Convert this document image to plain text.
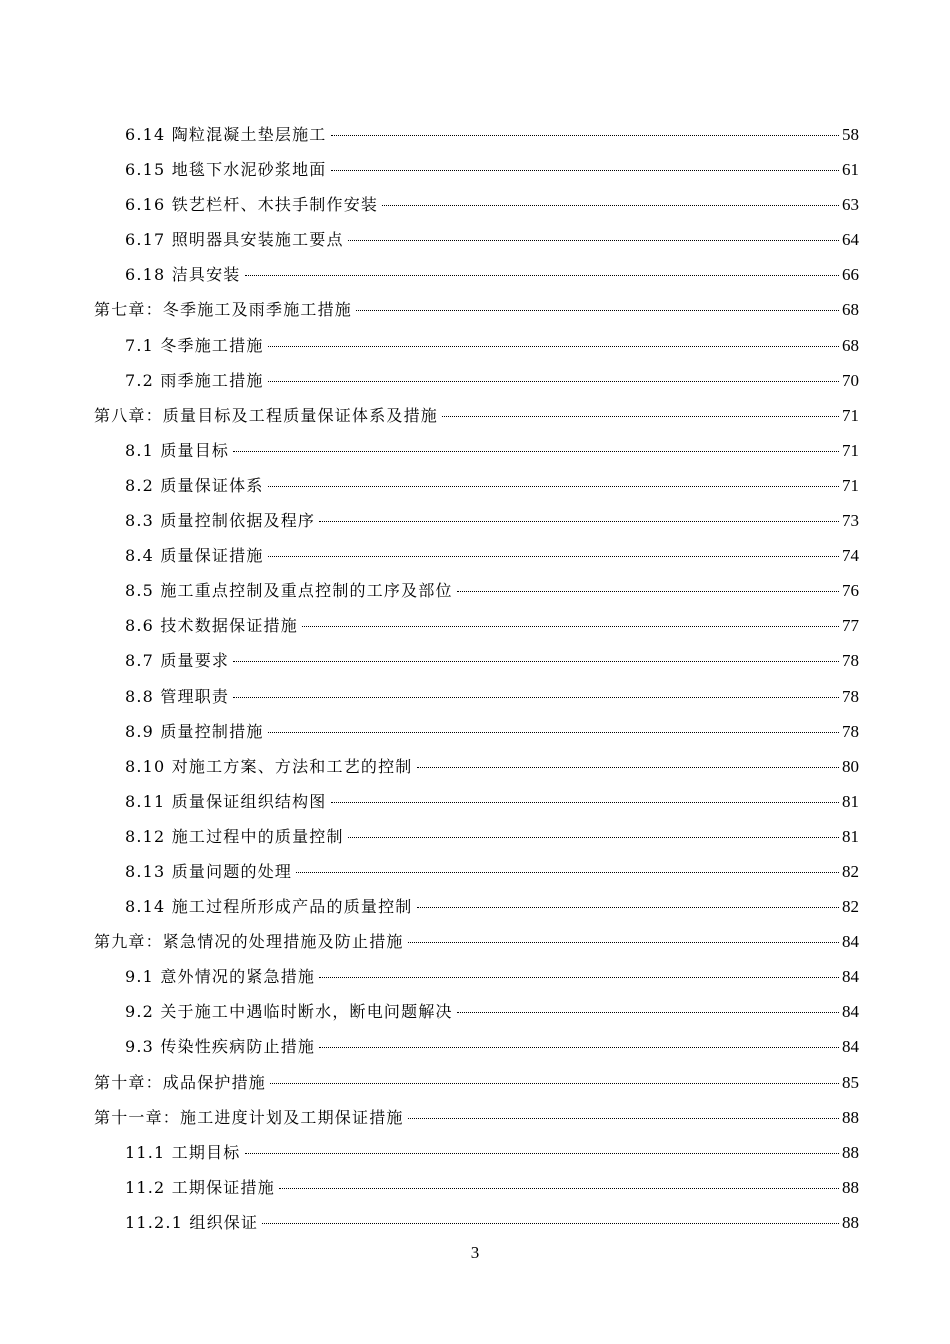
6.14 陶粒混凝土垫层施工	58
6.15 地毯下水泥砂浆地面	61
6.16 铁艺栏杆、木扶手制作安装	63
6.17 照明器具安装施工要点	64
6.18 洁具安装	66
第七章：冬季施工及雨季施工措施	68
7.1 冬季施工措施	68
7.2 雨季施工措施	70
第八章：质量目标及工程质量保证体系及措施	71
8.1 质量目标	71
8.2 质量保证体系	71
8.3 质量控制依据及程序	73
8.4 质量保证措施	74
8.5 施工重点控制及重点控制的工序及部位	76
8.6 技术数据保证措施	77
8.7 质量要求	78
8.8 管理职责	78
8.9 质量控制措施	78
8.10 对施工方案、方法和工艺的控制	80
8.11 质量保证组织结构图	81
8.12 施工过程中的质量控制	81
8.13 质量问题的处理	82
8.14 施工过程所形成产品的质量控制	82
第九章：紧急情况的处理措施及防止措施	84
9.1 意外情况的紧急措施	84
9.2 关于施工中遇临时断水，断电问题解决	84
9.3 传染性疾病防止措施	84
第十章：成品保护措施	85
第十一章：施工进度计划及工期保证措施	88
11.1 工期目标	88
11.2 工期保证措施	88
11.2.1 组织保证	88
3
